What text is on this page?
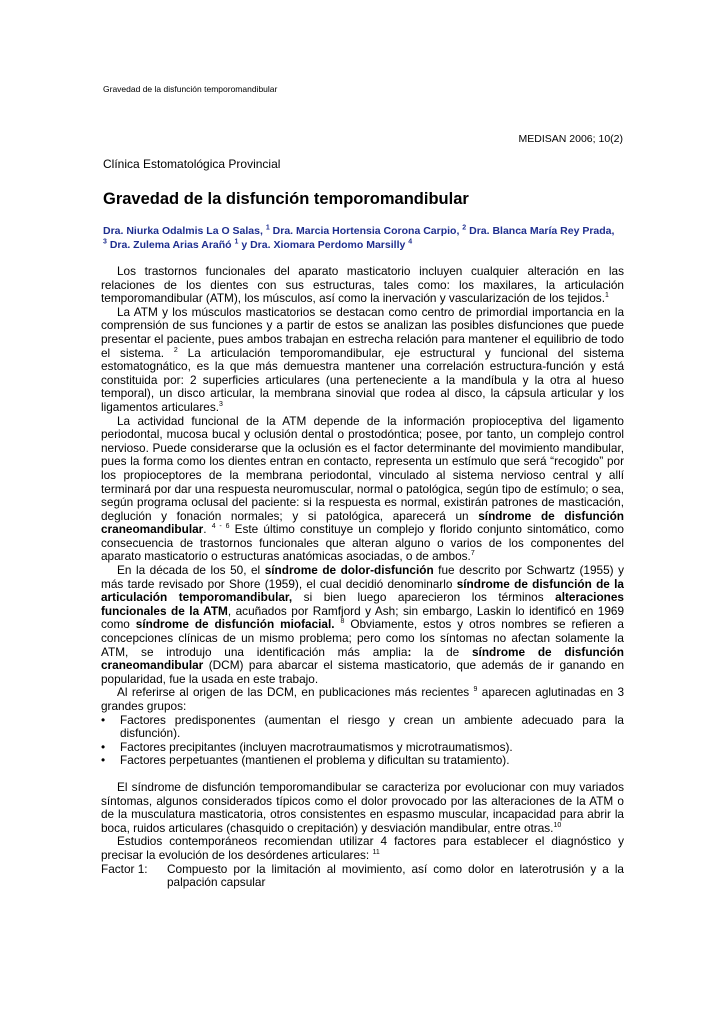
Gravedad de la disfunción temporomandibular
MEDISAN 2006; 10(2)
Clínica Estomatológica Provincial
Gravedad de la disfunción temporomandibular
Dra. Niurka Odalmis La O Salas, $^1$ Dra. Marcia Hortensia Corona Carpio, $^2$ Dra. Blanca María Rey Prada,
$^3$ Dra. Zulema Arias Arañó $^1$ y Dra. Xiomara Perdomo Marsilly $^4$

Los trastornos funcionales del aparato masticatorio incluyen cualquier alteración en las relaciones de los dientes con sus estructuras, tales como: los maxilares, la articulación temporomandibular (ATM), los músculos, así como la inervación y vascularización de los tejidos.$^1$

La ATM y los músculos masticatorios se destacan como centro de primordial importancia en la comprensión de sus funciones y a partir de estos se analizan las posibles disfunciones que puede presentar el paciente, pues ambos trabajan en estrecha relación para mantener el equilibrio de todo el sistema. $^2$ La articulación temporomandibular, eje estructural y funcional del sistema estomatognático, es la que más demuestra mantener una correlación estructura-función y está constituida por: 2 superficies articulares (una perteneciente a la mandíbula y la otra al hueso temporal), un disco articular, la membrana sinovial que rodea al disco, la cápsula articular y los ligamentos articulares.$^3$

La actividad funcional de la ATM depende de la información propioceptiva del ligamento periodontal, mucosa bucal y oclusión dental o prostodóntica; posee, por tanto, un complejo control nervioso. Puede considerarse que la oclusión es el factor determinante del movimiento mandibular, pues la forma como los dientes entran en contacto, representa un estímulo que será “recogido” por los propioceptores de la membrana periodontal, vinculado al sistema nervioso central y allí terminará por dar una respuesta neuromuscular, normal o patológica, según tipo de estímulo; o sea, según programa oclusal del paciente: si la respuesta es normal, existirán patrones de masticación, deglución y fonación normales; y si patológica, aparecerá un síndrome de disfunción craneomandibular. $^{4 - 6}$ Este último constituye un complejo y florido conjunto sintomático, como consecuencia de trastornos funcionales que alteran alguno o varios de los componentes del aparato masticatorio o estructuras anatómicas asociadas, o de ambos.$^7$

En la década de los 50, el síndrome de dolor-disfunción fue descrito por Schwartz (1955) y más tarde revisado por Shore (1959), el cual decidió denominarlo síndrome de disfunción de la articulación temporomandibular, si bien luego aparecieron los términos alteraciones funcionales de la ATM, acuñados por Ramfjord y Ash; sin embargo, Laskin lo identificó en 1969 como síndrome de disfunción miofacial. $^8$ Obviamente, estos y otros nombres se refieren a concepciones clínicas de un mismo problema; pero como los síntomas no afectan solamente la ATM, se introdujo una identificación más amplia: la de síndrome de disfunción craneomandibular (DCM) para abarcar el sistema masticatorio, que además de ir ganando en popularidad, fue la usada en este trabajo.

Al referirse al origen de las DCM, en publicaciones más recientes $^9$ aparecen aglutinadas en 3 grandes grupos:

• Factores predisponentes (aumentan el riesgo y crean un ambiente adecuado para la disfunción).
• Factores precipitantes (incluyen macrotraumatismos y microtraumatismos).
• Factores perpetuantes (mantienen el problema y dificultan su tratamiento).

El síndrome de disfunción temporomandibular se caracteriza por evolucionar con muy variados síntomas, algunos considerados típicos como el dolor provocado por las alteraciones de la ATM o de la musculatura masticatoria, otros consistentes en espasmo muscular, incapacidad para abrir la boca, ruidos articulares (chasquido o crepitación) y desviación mandibular, entre otras.$^{10}$

Estudios contemporáneos recomiendan utilizar 4 factores para establecer el diagnóstico y precisar la evolución de los desórdenes articulares: $^{11}$

Factor 1:	Compuesto por la limitación al movimiento, así como dolor en laterotrusión y a la palpación capsular
